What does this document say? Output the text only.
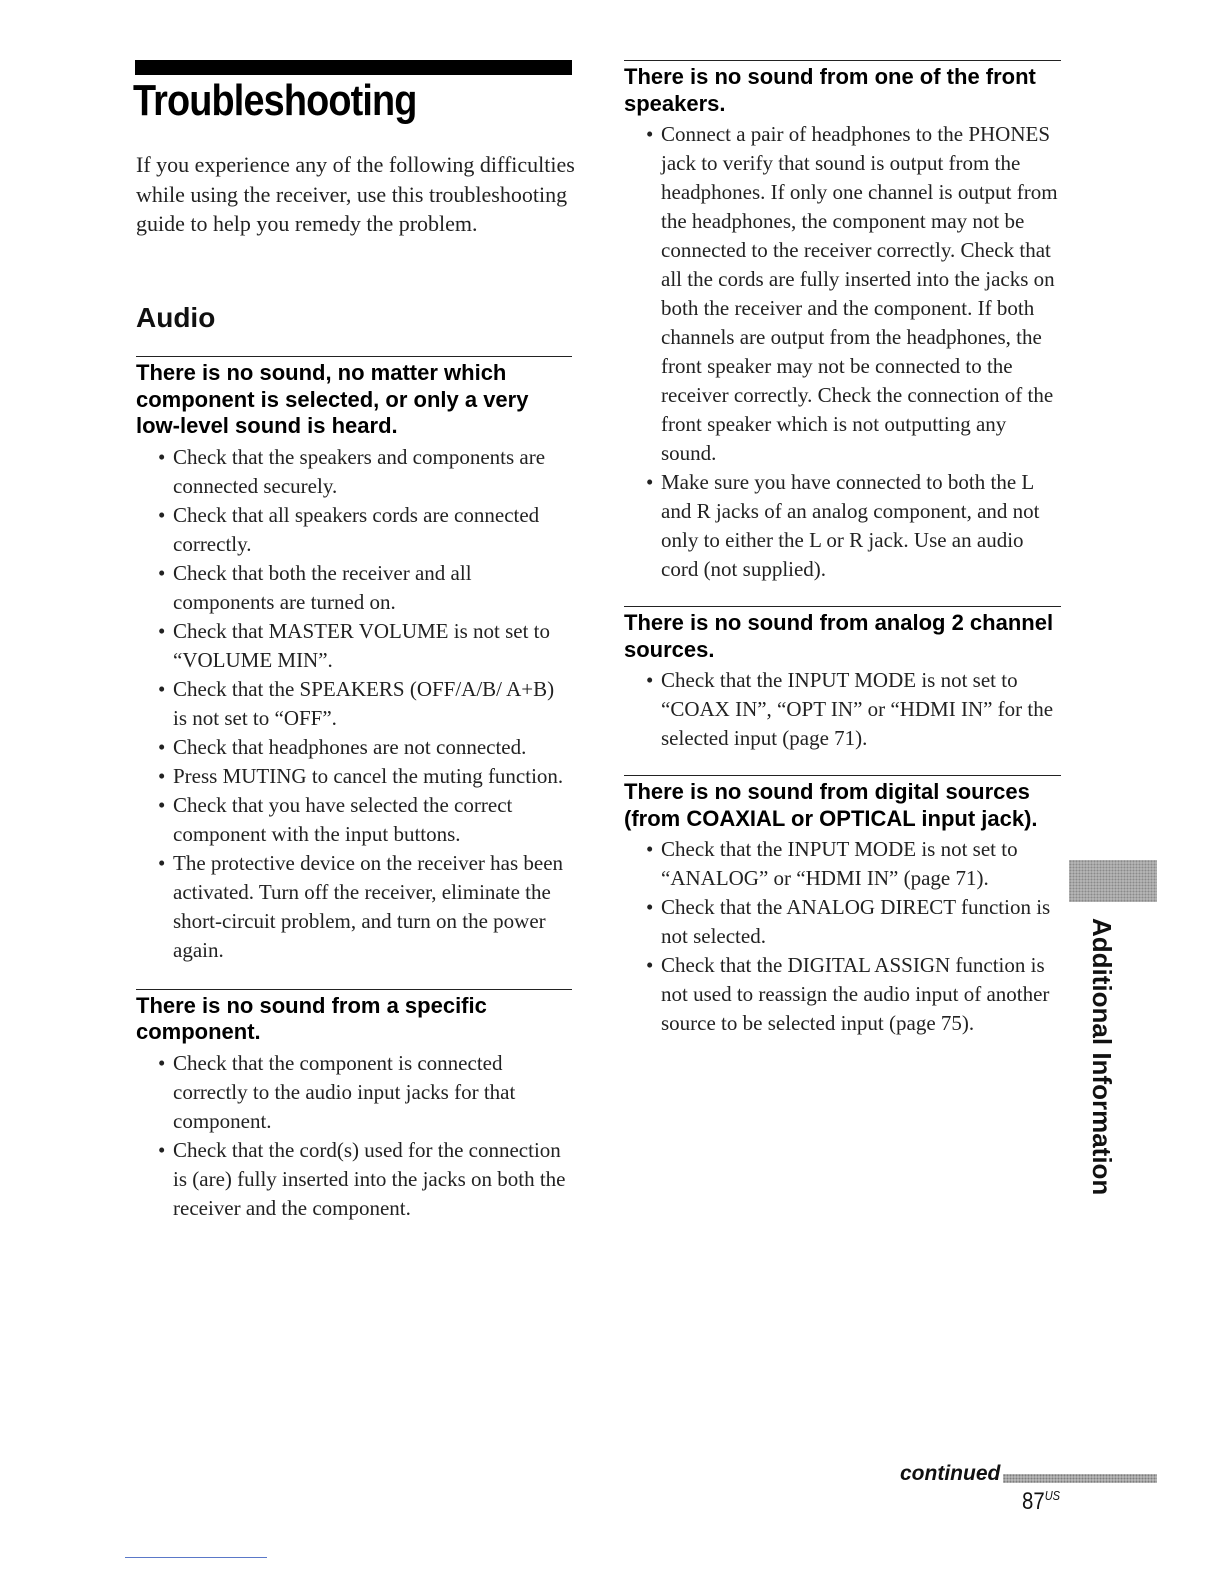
Troubleshooting

If you experience any of the following difficulties while using the receiver, use this troubleshooting guide to help you remedy the problem.

Audio
There is no sound, no matter which component is selected, or only a very low-level sound is heard.
• Check that the speakers and components are connected securely.
• Check that all speakers cords are connected correctly.
• Check that both the receiver and all components are turned on.
• Check that MASTER VOLUME is not set to “VOLUME MIN”.
• Check that the SPEAKERS (OFF/A/B/ A+B) is not set to “OFF”.
• Check that headphones are not connected.
• Press MUTING to cancel the muting function.
• Check that you have selected the correct component with the input buttons.
• The protective device on the receiver has been activated. Turn off the receiver, eliminate the short-circuit problem, and turn on the power again.
There is no sound from a specific component.
• Check that the component is connected correctly to the audio input jacks for that component.
• Check that the cord(s) used for the connection is (are) fully inserted into the jacks on both the receiver and the component.
There is no sound from one of the front speakers.
• Connect a pair of headphones to the PHONES jack to verify that sound is output from the headphones. If only one channel is output from the headphones, the component may not be connected to the receiver correctly. Check that all the cords are fully inserted into the jacks on both the receiver and the component. If both channels are output from the headphones, the front speaker may not be connected to the receiver correctly. Check the connection of the front speaker which is not outputting any sound.
• Make sure you have connected to both the L and R jacks of an analog component, and not only to either the L or R jack. Use an audio cord (not supplied).
There is no sound from analog 2 channel sources.
• Check that the INPUT MODE is not set to “COAX IN”, “OPT IN” or “HDMI IN” for the selected input (page 71).
There is no sound from digital sources (from COAXIAL or OPTICAL input jack).
• Check that the INPUT MODE is not set to “ANALOG” or “HDMI IN” (page 71).
• Check that the ANALOG DIRECT function is not selected.
• Check that the DIGITAL ASSIGN function is not used to reassign the audio input of another source to be selected input (page 75).	Additional Information

continued

$87^{US}$
